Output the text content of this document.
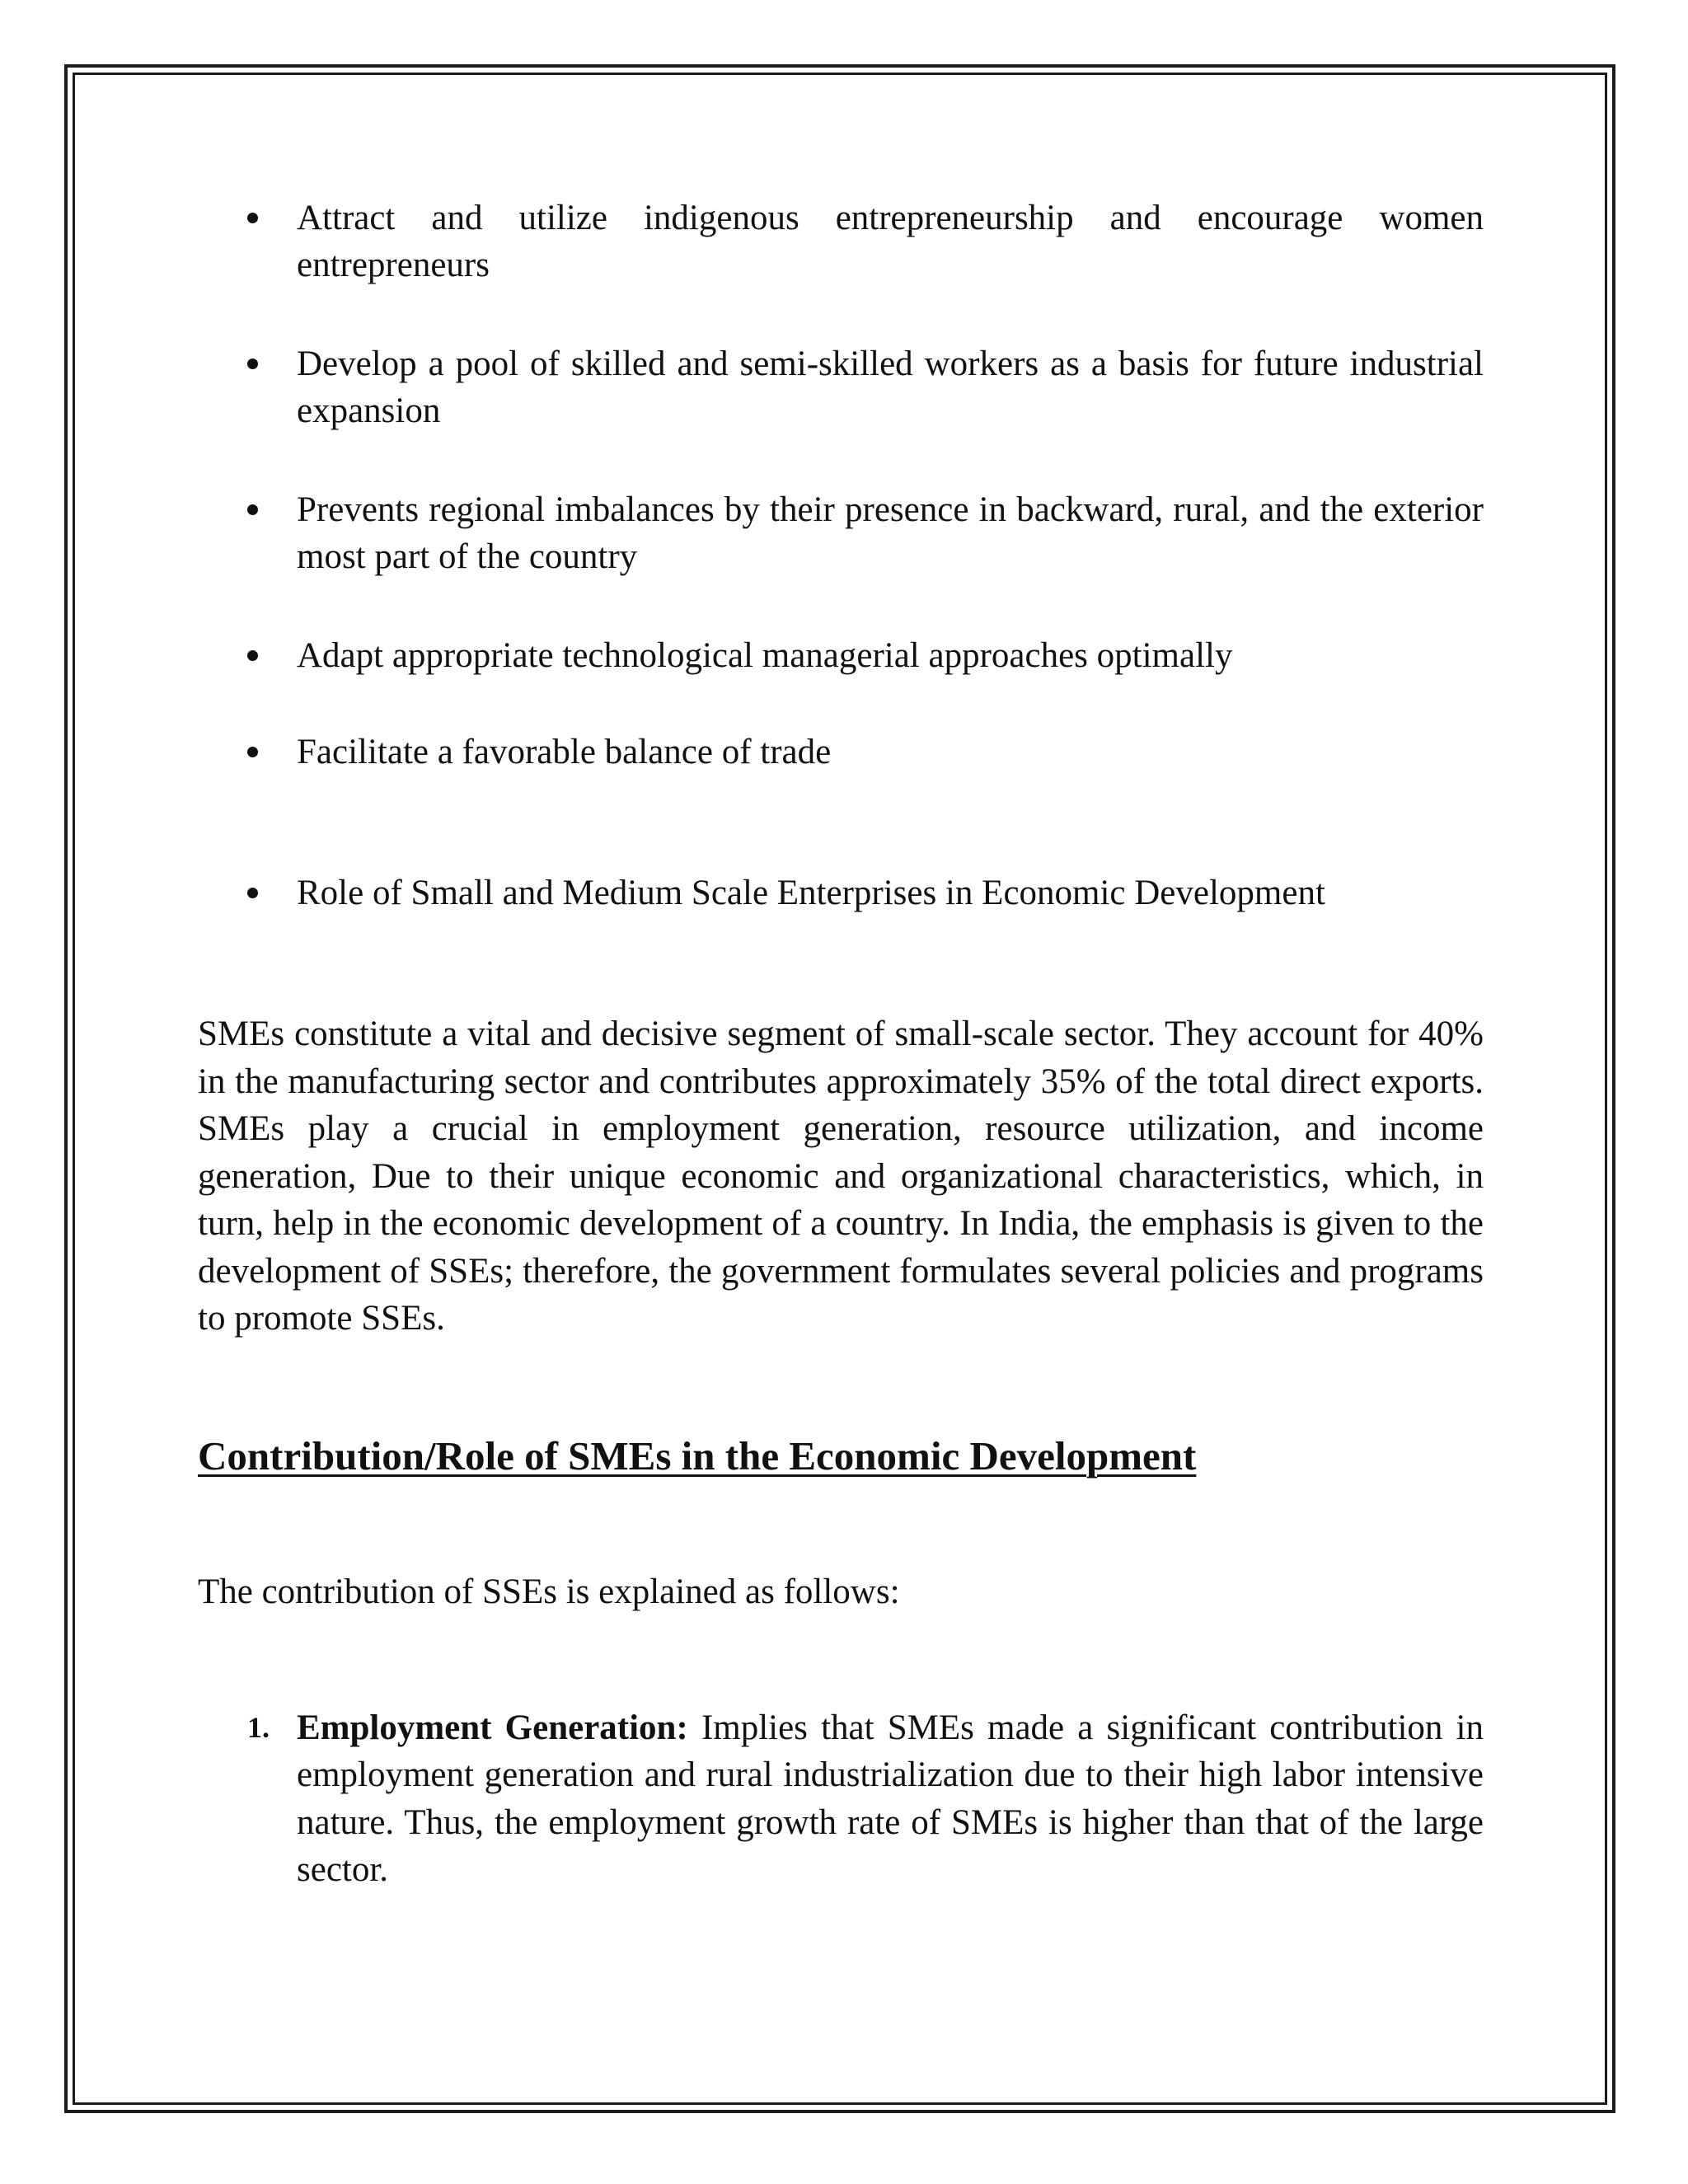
Attract and utilize indigenous entrepreneurship and encourage women entrepreneurs
Develop a pool of skilled and semi-skilled workers as a basis for future industrial expansion
Prevents regional imbalances by their presence in backward, rural, and the exterior most part of the country
Adapt appropriate technological managerial approaches optimally
Facilitate a favorable balance of trade
Role of Small and Medium Scale Enterprises in Economic Development

SMEs constitute a vital and decisive segment of small-scale sector. They account for 40% in the manufacturing sector and contributes approximately 35% of the total direct exports. SMEs play a crucial in employment generation, resource utilization, and income generation, Due to their unique economic and organizational characteristics, which, in turn, help in the economic development of a country. In India, the emphasis is given to the development of SSEs; therefore, the government formulates several policies and programs to promote SSEs.

Contribution/Role of SMEs in the Economic Development

The contribution of SSEs is explained as follows:

1. Employment Generation: Implies that SMEs made a significant contribution in employment generation and rural industrialization due to their high labor intensive nature. Thus, the employment growth rate of SMEs is higher than that of the large sector.
